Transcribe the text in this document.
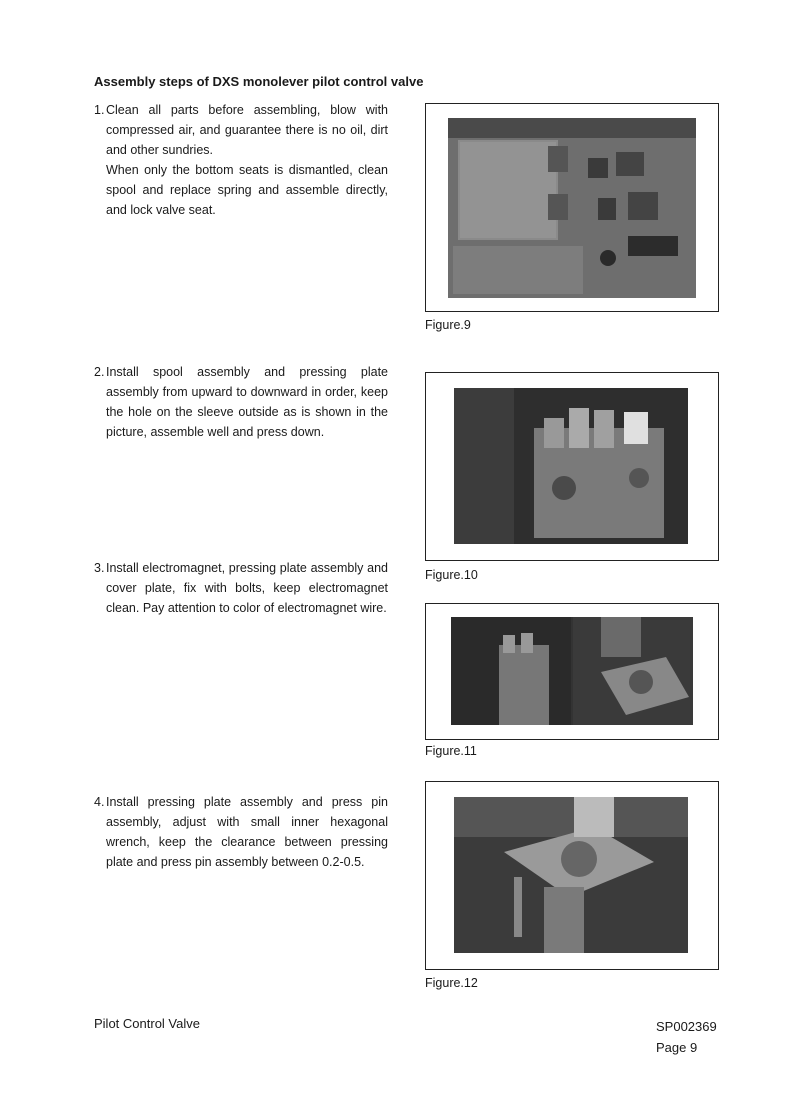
Assembly steps of DXS monolever pilot control valve
1. Clean all parts before assembling, blow with compressed air, and guarantee there is no oil, dirt and other sundries.

When only the bottom seats is dismantled, clean spool and replace spring and assemble directly, and lock valve seat.

2. Install spool assembly and pressing plate assembly from upward to downward in order, keep the hole on the sleeve outside as is shown in the picture, assemble well and press down.

3. Install electromagnet, pressing plate assembly and cover plate, fix with bolts, keep electromagnet clean. Pay attention to color of electromagnet wire.

4. Install pressing plate assembly and press pin assembly, adjust with small inner hexagonal wrench, keep the clearance between pressing plate and press pin assembly between 0.2-0.5.

Figure.9
Figure.10
Figure.11
Figure.12
Pilot Control Valve	SP002369
Page 9
